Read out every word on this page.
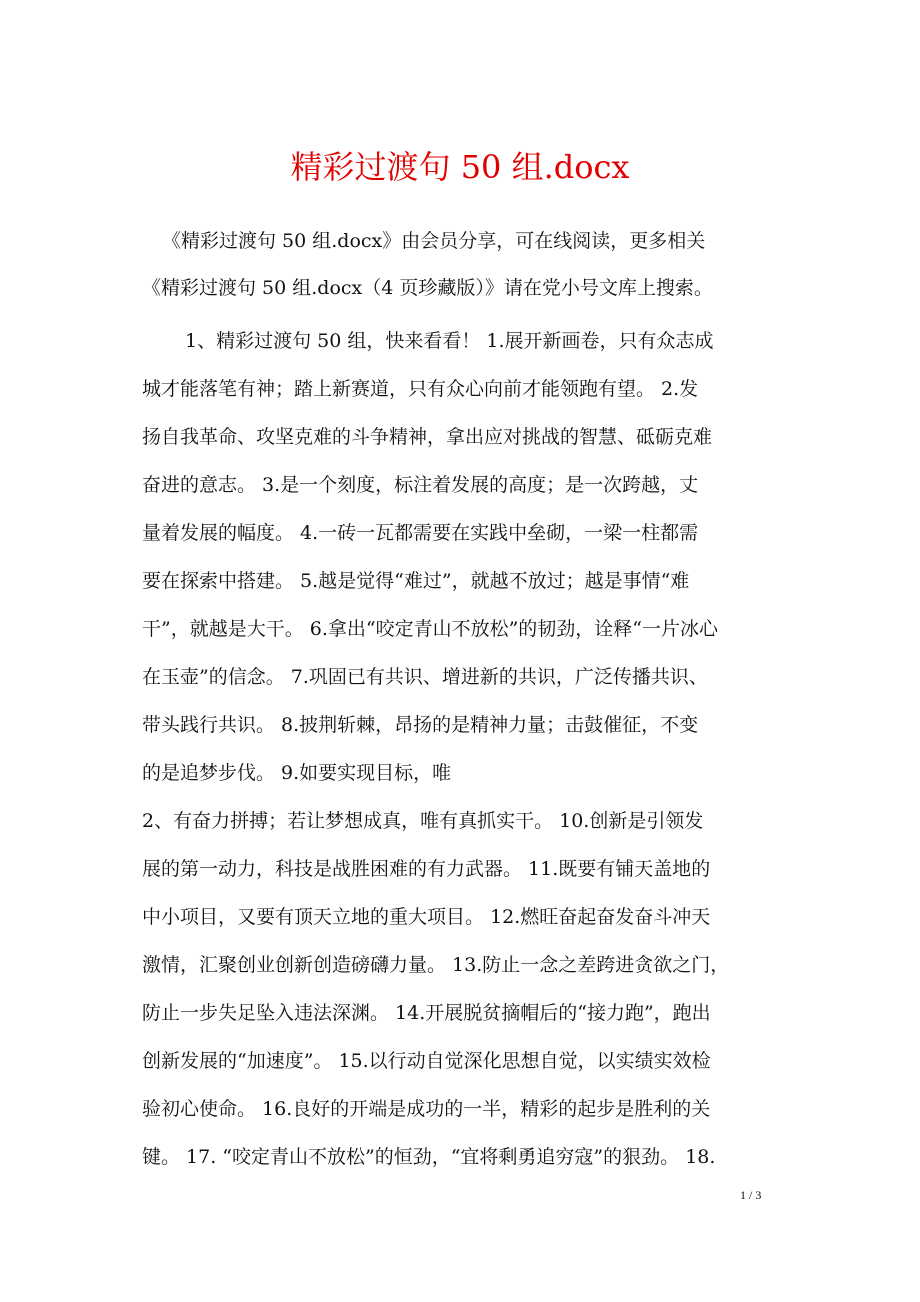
精彩过渡句 50 组.docx
《精彩过渡句 50 组.docx》由会员分享，可在线阅读，更多相关
《精彩过渡句 50 组.docx（4 页珍藏版）》请在党小号文库上搜索。
1、精彩过渡句 50 组，快来看看！ 1.展开新画卷，只有众志成
城才能落笔有神；踏上新赛道，只有众心向前才能领跑有望。 2.发
扬自我革命、攻坚克难的斗争精神，拿出应对挑战的智慧、砥砺克难
奋进的意志。 3.是一个刻度，标注着发展的高度；是一次跨越，丈
量着发展的幅度。 4.一砖一瓦都需要在实践中垒砌，一梁一柱都需
要在探索中搭建。 5.越是觉得“难过”，就越不放过；越是事情“难
干”，就越是大干。 6.拿出“咬定青山不放松”的韧劲，诠释“一片冰心
在玉壶”的信念。 7.巩固已有共识、增进新的共识，广泛传播共识、
带头践行共识。 8.披荆斩棘，昂扬的是精神力量；击鼓催征，不变
的是追梦步伐。 9.如要实现目标，唯
2、有奋力拼搏；若让梦想成真，唯有真抓实干。 10.创新是引领发
展的第一动力，科技是战胜困难的有力武器。 11.既要有铺天盖地的
中小项目，又要有顶天立地的重大项目。 12.燃旺奋起奋发奋斗冲天
激情，汇聚创业创新创造磅礴力量。 13.防止一念之差跨进贪欲之门，
防止一步失足坠入违法深渊。 14.开展脱贫摘帽后的“接力跑”，跑出
创新发展的“加速度”。 15.以行动自觉深化思想自觉，以实绩实效检
验初心使命。 16.良好的开端是成功的一半，精彩的起步是胜利的关
键。 17. “咬定青山不放松”的恒劲，“宜将剩勇追穷寇”的狠劲。 18.
1 / 3
